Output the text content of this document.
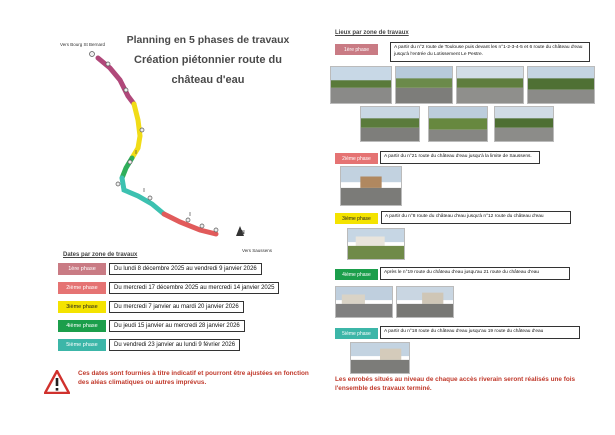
Planning en 5 phases de travaux
Création piétonnier route du
château d'eau
Vers Bourg St Bernard
Vers Saussens
N
Dates par zone de travaux
1ère phase	Du lundi 8 décembre 2025 au vendredi 9 janvier 2026
2ième phase	Du mercredi 17 décembre 2025 au mercredi 14 janvier 2025
3ième phase	Du mercredi 7 janvier au mardi 20 janvier 2026
4ième phase	Du jeudi 15 janvier au mercredi 28 janvier 2026
5ième phase	Du vendredi 23 janvier au lundi 9 février 2026
Ces dates sont fournies à titre indicatif et pourront être ajustées en fonction des aléas climatiques ou autres imprévus.
Lieux par zone de travaux
1ère phase	A partir du n°2 route de Toulouse puis devant les n°1-2-3-4-5 et 6 route du château d'eau jusqu'à l'entrée du Lotissement Le Pestre.
2ième phase	A partir du n°21 route du château d'eau jusqu'à la limite de Saussens.
3ième phase	A partir du n°8 route du château d'eau jusqu'à n°12 route du château d'eau
4ième phase	Après le n°19 route du château d'eau jusqu'au 21 route du château d'eau
5ième phase	A partir du n°18 route du château d'eau jusqu'au 19 route du château d'eau
Les enrobés situés au niveau de chaque accès riverain seront réalisés une fois l'ensemble des travaux terminé.
